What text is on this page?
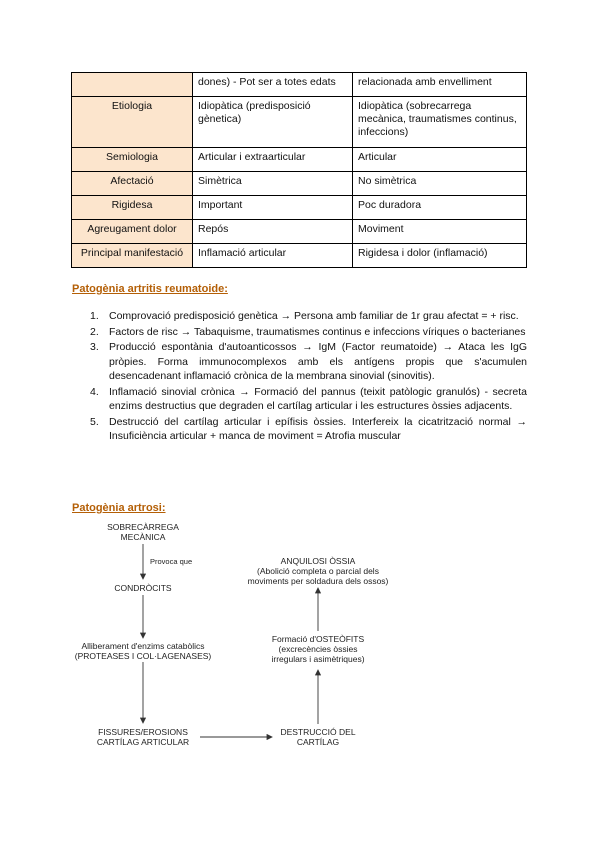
	dones) - Pot ser a totes edats	relacionada amb envelliment
Etiologia	Idiopàtica (predisposició gènetica)	Idiopàtica (sobrecarrega mecànica, traumatismes continus, infeccions)
Semiologia	Articular i extraarticular	Articular
Afectació	Simètrica	No simètrica
Rigidesa	Important	Poc duradora
Agreugament dolor	Repós	Moviment
Principal manifestació	Inflamació articular	Rigidesa i dolor (inflamació)
Patogènia artritis reumatoide:
1. Comprovació predisposició genètica → Persona amb familiar de 1r grau afectat = + risc.
2. Factors de risc → Tabaquisme, traumatismes continus e infeccions víriques o bacterianes
3. Producció espontània d'autoanticossos → IgM (Factor reumatoide) → Ataca les IgG pròpies. Forma immunocomplexos amb els antígens propis que s'acumulen desencadenant inflamació crònica de la membrana sinovial (sinovitis).
4. Inflamació sinovial crònica → Formació del pannus (teixit patòlogic granulós) - secreta enzims destructius que degraden el cartílag articular i les estructures òssies adjacents.
5. Destrucció del cartílag articular i epífisis òssies. Interfereix la cicatrització normal → Insuficiència articular + manca de moviment = Atrofia muscular
Patogènia artrosi:
SOBRECÀRREGA
MECÀNICA
Provoca que
CONDRÒCITS
Alliberament d'enzims catabòlics
(PROTEASES I COL·LAGENASES)
FISSURES/EROSIONS
CARTÍLAG ARTICULAR
DESTRUCCIÓ DEL
CARTÍLAG
Formació d'OSTEÒFITS
(excrecències òssies
irregulars i asimètriques)
ANQUILOSI ÒSSIA
(Abolició completa o parcial dels
moviments per soldadura dels ossos)
